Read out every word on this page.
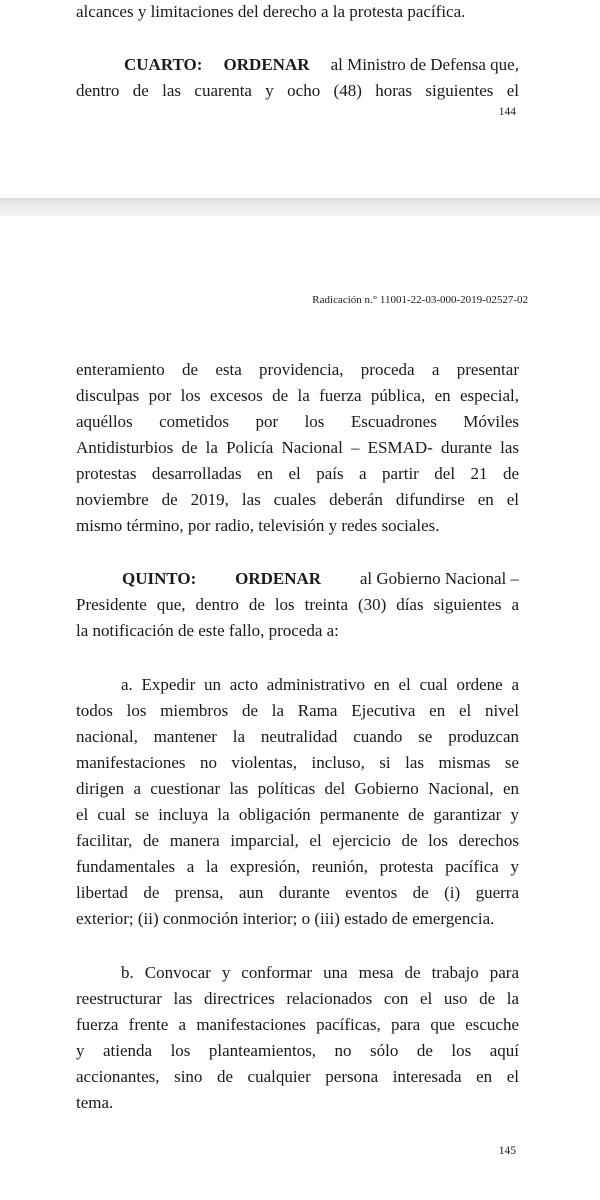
alcances y limitaciones del derecho a la protesta pacífica.
CUARTO: ORDENAR al Ministro de Defensa que,
dentro de las cuarenta y ocho (48) horas siguientes el
144
Radicación n.° 11001-22-03-000-2019-02527-02
enteramiento de esta providencia, proceda a presentar
disculpas por los excesos de la fuerza pública, en especial,
aquéllos cometidos por los Escuadrones Móviles
Antidisturbios de la Policía Nacional – ESMAD- durante las
protestas desarrolladas en el país a partir del 21 de
noviembre de 2019, las cuales deberán difundirse en el
mismo término, por radio, televisión y redes sociales.
QUINTO: ORDENAR al Gobierno Nacional –
Presidente que, dentro de los treinta (30) días siguientes a
la notificación de este fallo, proceda a:
a. Expedir un acto administrativo en el cual ordene a
todos los miembros de la Rama Ejecutiva en el nivel
nacional, mantener la neutralidad cuando se produzcan
manifestaciones no violentas, incluso, si las mismas se
dirigen a cuestionar las políticas del Gobierno Nacional, en
el cual se incluya la obligación permanente de garantizar y
facilitar, de manera imparcial, el ejercicio de los derechos
fundamentales a la expresión, reunión, protesta pacífica y
libertad de prensa, aun durante eventos de (i) guerra
exterior; (ii) conmoción interior; o (iii) estado de emergencia.
b. Convocar y conformar una mesa de trabajo para
reestructurar las directrices relacionados con el uso de la
fuerza frente a manifestaciones pacíficas, para que escuche
y atienda los planteamientos, no sólo de los aquí
accionantes, sino de cualquier persona interesada en el
tema.
145
